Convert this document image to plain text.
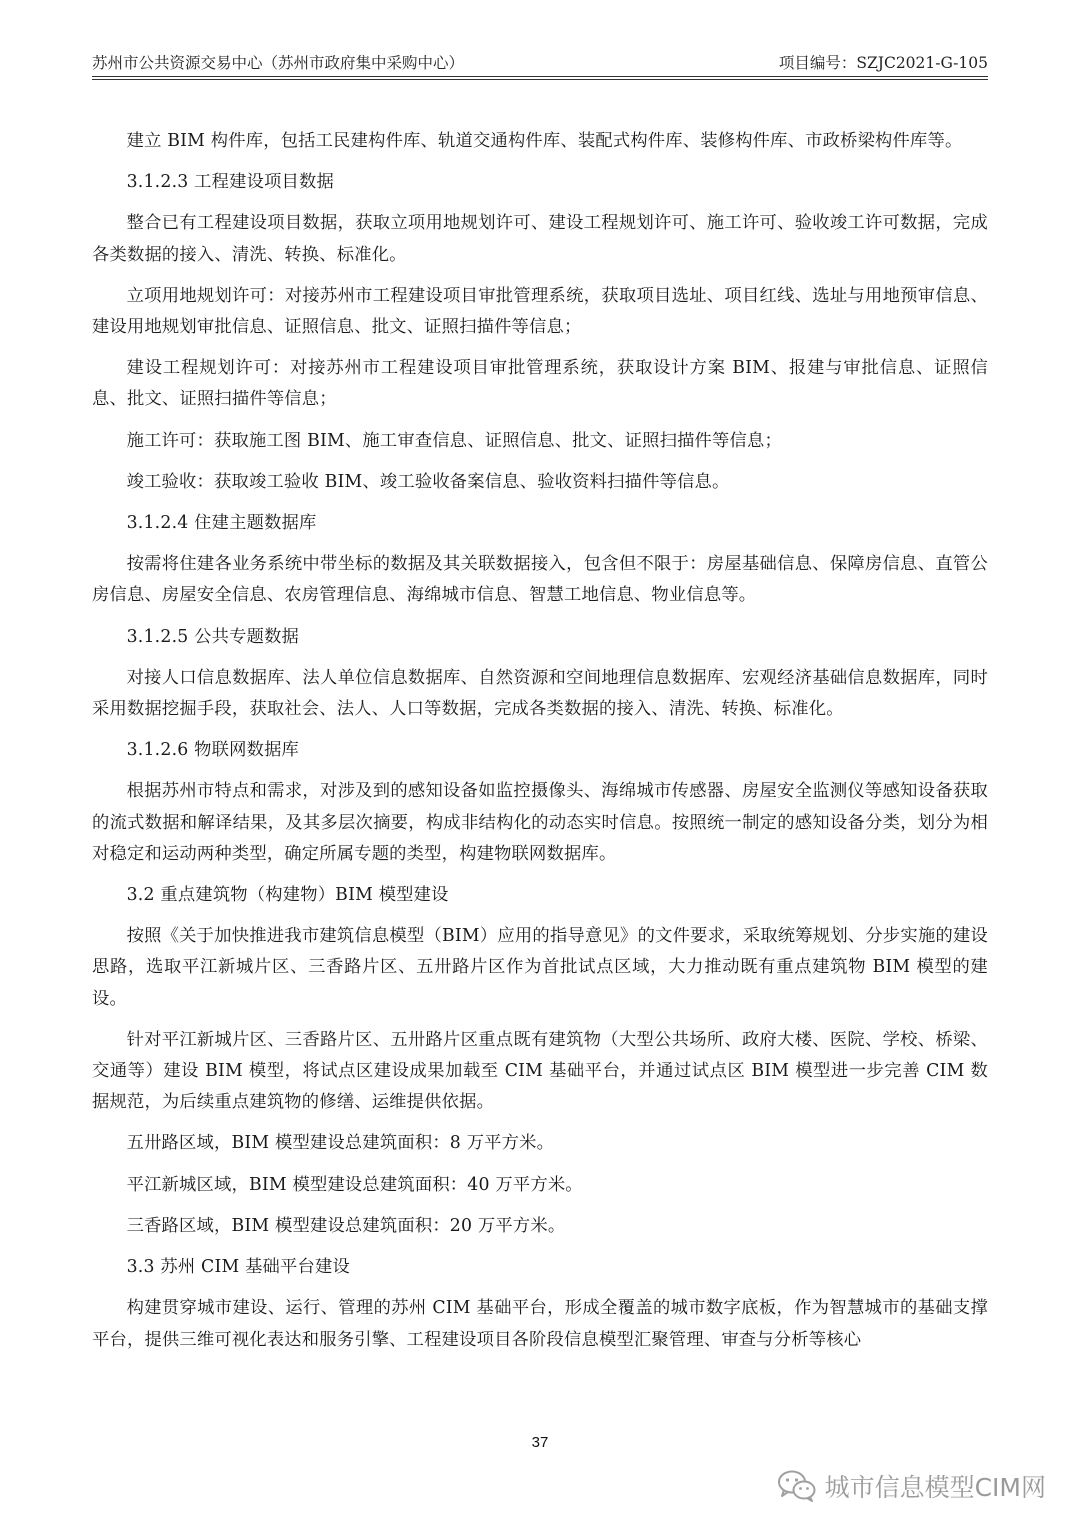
苏州市公共资源交易中心（苏州市政府集中采购中心）	项目编号：SZJC2021-G-105

建立 BIM 构件库，包括工民建构件库、轨道交通构件库、装配式构件库、装修构件库、市政桥梁构件库等。

3.1.2.3 工程建设项目数据

整合已有工程建设项目数据，获取立项用地规划许可、建设工程规划许可、施工许可、验收竣工许可数据，完成各类数据的接入、清洗、转换、标准化。

立项用地规划许可：对接苏州市工程建设项目审批管理系统，获取项目选址、项目红线、选址与用地预审信息、建设用地规划审批信息、证照信息、批文、证照扫描件等信息；

建设工程规划许可：对接苏州市工程建设项目审批管理系统，获取设计方案 BIM、报建与审批信息、证照信息、批文、证照扫描件等信息；

施工许可：获取施工图 BIM、施工审查信息、证照信息、批文、证照扫描件等信息；

竣工验收：获取竣工验收 BIM、竣工验收备案信息、验收资料扫描件等信息。

3.1.2.4 住建主题数据库

按需将住建各业务系统中带坐标的数据及其关联数据接入，包含但不限于：房屋基础信息、保障房信息、直管公房信息、房屋安全信息、农房管理信息、海绵城市信息、智慧工地信息、物业信息等。

3.1.2.5 公共专题数据

对接人口信息数据库、法人单位信息数据库、自然资源和空间地理信息数据库、宏观经济基础信息数据库，同时采用数据挖掘手段，获取社会、法人、人口等数据，完成各类数据的接入、清洗、转换、标准化。

3.1.2.6 物联网数据库

根据苏州市特点和需求，对涉及到的感知设备如监控摄像头、海绵城市传感器、房屋安全监测仪等感知设备获取的流式数据和解译结果，及其多层次摘要，构成非结构化的动态实时信息。按照统一制定的感知设备分类，划分为相对稳定和运动两种类型，确定所属专题的类型，构建物联网数据库。

3.2 重点建筑物（构建物）BIM 模型建设

按照《关于加快推进我市建筑信息模型（BIM）应用的指导意见》的文件要求，采取统筹规划、分步实施的建设思路，选取平江新城片区、三香路片区、五卅路片区作为首批试点区域，大力推动既有重点建筑物 BIM 模型的建设。

针对平江新城片区、三香路片区、五卅路片区重点既有建筑物（大型公共场所、政府大楼、医院、学校、桥梁、交通等）建设 BIM 模型，将试点区建设成果加载至 CIM 基础平台，并通过试点区 BIM 模型进一步完善 CIM 数据规范，为后续重点建筑物的修缮、运维提供依据。

五卅路区域，BIM 模型建设总建筑面积：8 万平方米。

平江新城区域，BIM 模型建设总建筑面积：40 万平方米。

三香路区域，BIM 模型建设总建筑面积：20 万平方米。

3.3 苏州 CIM 基础平台建设

构建贯穿城市建设、运行、管理的苏州 CIM 基础平台，形成全覆盖的城市数字底板，作为智慧城市的基础支撑平台，提供三维可视化表达和服务引擎、工程建设项目各阶段信息模型汇聚管理、审查与分析等核心

37
城市信息模型CIM网
